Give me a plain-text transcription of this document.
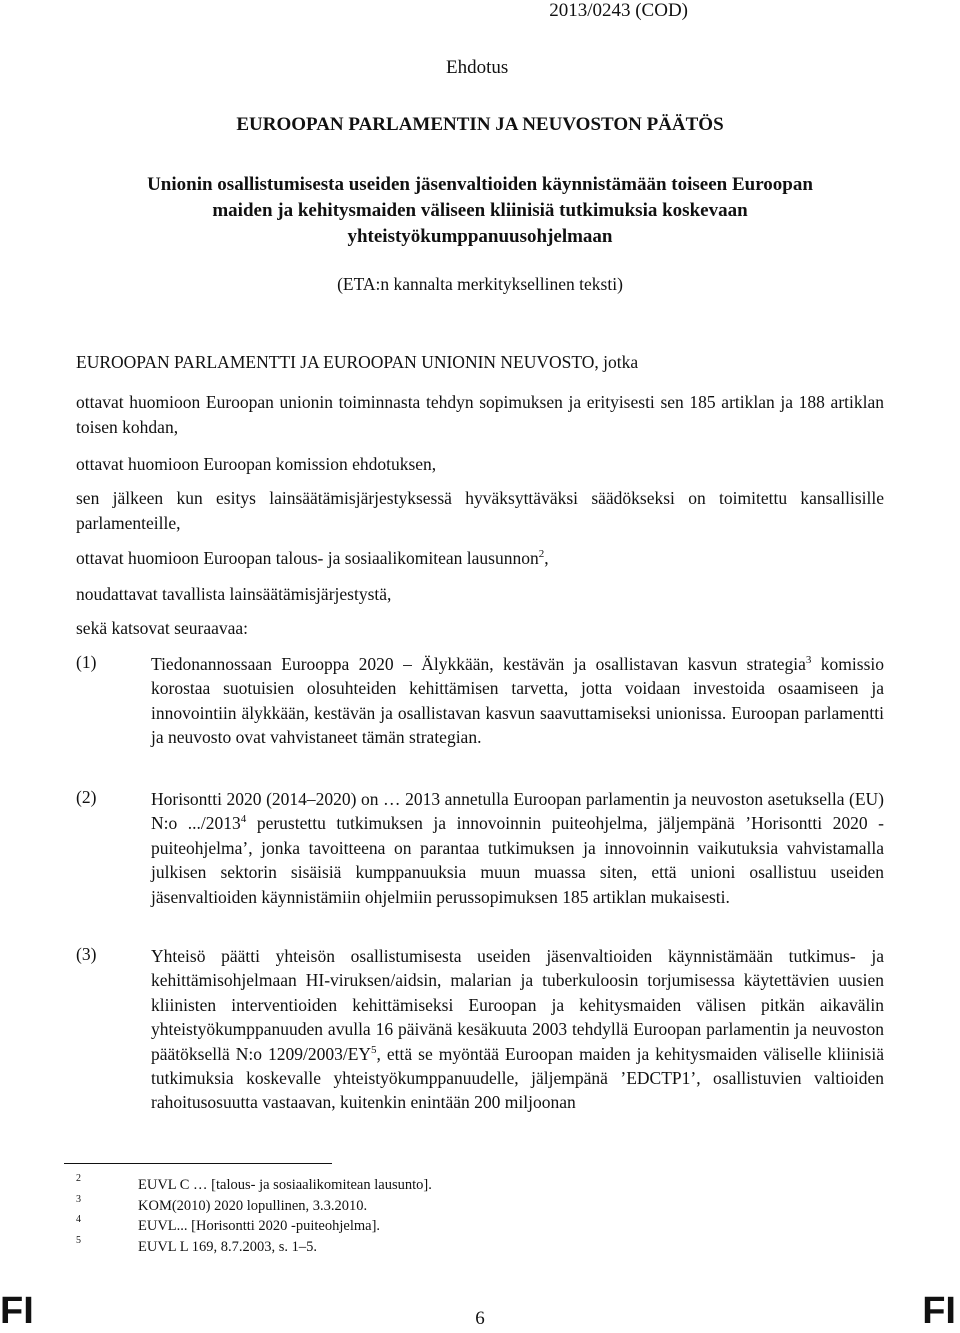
2013/0243 (COD)
Ehdotus
EUROOPAN PARLAMENTIN JA NEUVOSTON PÄÄTÖS
Unionin osallistumisesta useiden jäsenvaltioiden käynnistämään toiseen Euroopan
maiden ja kehitysmaiden väliseen kliinisiä tutkimuksia koskevaan
yhteistyökumppanuusohjelmaan
(ETA:n kannalta merkityksellinen teksti)
EUROOPAN PARLAMENTTI JA EUROOPAN UNIONIN NEUVOSTO, jotka
ottavat huomioon Euroopan unionin toiminnasta tehdyn sopimuksen ja erityisesti sen 185 artiklan ja 188 artiklan toisen kohdan,
ottavat huomioon Euroopan komission ehdotuksen,
sen jälkeen kun esitys lainsäätämisjärjestyksessä hyväksyttäväksi säädökseksi on toimitettu kansallisille parlamenteille,
ottavat huomioon Euroopan talous- ja sosiaalikomitean lausunnon$^2$,
noudattavat tavallista lainsäätämisjärjestystä,
sekä katsovat seuraavaa:
(1)	Tiedonannossaan Eurooppa 2020 – Älykkään, kestävän ja osallistavan kasvun strategia$^3$ komissio korostaa suotuisien olosuhteiden kehittämisen tarvetta, jotta voidaan investoida osaamiseen ja innovointiin älykkään, kestävän ja osallistavan kasvun saavuttamiseksi unionissa. Euroopan parlamentti ja neuvosto ovat vahvistaneet tämän strategian.
(2)	Horisontti 2020 (2014–2020) on … 2013 annetulla Euroopan parlamentin ja neuvoston asetuksella (EU) N:o .../2013$^4$ perustettu tutkimuksen ja innovoinnin puiteohjelma, jäljempänä ’Horisontti 2020 -puiteohjelma’, jonka tavoitteena on parantaa tutkimuksen ja innovoinnin vaikutuksia vahvistamalla julkisen sektorin sisäisiä kumppanuuksia muun muassa siten, että unioni osallistuu useiden jäsenvaltioiden käynnistämiin ohjelmiin perussopimuksen 185 artiklan mukaisesti.
(3)	Yhteisö päätti yhteisön osallistumisesta useiden jäsenvaltioiden käynnistämään tutkimus- ja kehittämisohjelmaan HI-viruksen/aidsin, malarian ja tuberkuloosin torjumisessa käytettävien uusien kliinisten interventioiden kehittämiseksi Euroopan ja kehitysmaiden välisen pitkän aikavälin yhteistyökumppanuuden avulla 16 päivänä kesäkuuta 2003 tehdyllä Euroopan parlamentin ja neuvoston päätöksellä N:o $1209/2003/EY^5$, että se myöntää Euroopan maiden ja kehitysmaiden väliselle kliinisiä tutkimuksia koskevalle yhteistyökumppanuudelle, jäljempänä ’EDCTP1’, osallistuvien valtioiden rahoitusosuutta vastaavan, kuitenkin enintään 200 miljoonan
2	EUVL C … [talous- ja sosiaalikomitean lausunto].
3	KOM(2010) 2020 lopullinen, 3.3.2010.
4	EUVL... [Horisontti 2020 -puiteohjelma].
5	EUVL L 169, 8.7.2003, s. 1–5.
FI	6	FI
